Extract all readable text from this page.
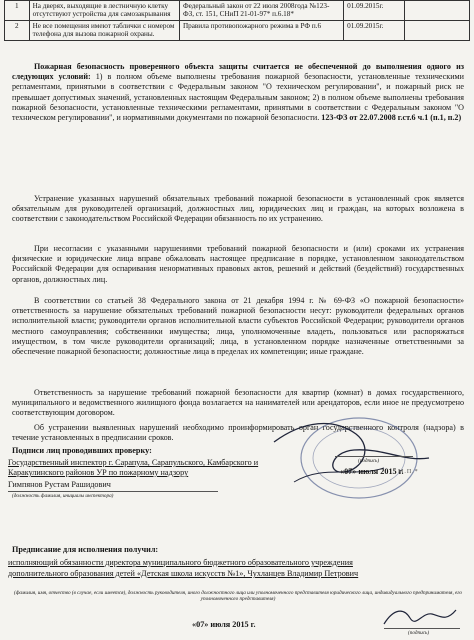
1	На дверях, выходящие в лестничную клетку отсутствуют устройства для самозакрывания	Федеральный закон от 22 июля 2008года №123- ФЗ, ст. 151, СНиП 21-01-97* п.6.18*	01.09.2015г.	
2	Не все помещения имеют таблички с номером телефона для вызова пожарной охраны.	Правила противопожарного режима в РФ п.6	01.09.2015г.	

Пожарная безопасность проверенного объекта защиты считается не обеспеченной до выполнения одного из следующих условий: 1) в полном объеме выполнены требования пожарной безопасности, установленные техническими регламентами, принятыми в соответствии с Федеральным законом "О техническом регулировании", и пожарный риск не превышает допустимых значений, установленных настоящим Федеральным законом; 2) в полном объеме выполнены требования пожарной безопасности, установленные техническими регламентами, принятыми в соответствии с Федеральным законом "О техническом регулировании", и нормативными документами по пожарной безопасности. 123-ФЗ от 22.07.2008 г.ст.6 ч.1 (п.1, п.2)

Устранение указанных нарушений обязательных требований пожарной безопасности в установленный срок является обязательным для руководителей организаций, должностных лиц, юридических лиц и граждан, на которых возложена в соответствии с законодательством Российской Федерации обязанность по их устранению.

При несогласии с указанными нарушениями требований пожарной безопасности и (или) сроками их устранения физические и юридические лица вправе обжаловать настоящее предписание в порядке, установленном законодательством Российской Федерации для оспаривания ненормативных правовых актов, решений и действий (бездействий) государственных органов, должностных лиц.

В соответствии со статьей 38 Федерального закона от 21 декабря 1994 г. № 69-ФЗ «О пожарной безопасности» ответственность за нарушение обязательных требований пожарной безопасности несут: руководители федеральных органов исполнительной власти; руководители органов исполнительной власти субъектов Российской Федерации; руководители органов местного самоуправления; собственники имущества; лица, уполномоченные владеть, пользоваться или распоряжаться имуществом, в том числе руководители организаций; лица, в установленном порядке назначенные ответственными за обеспечение пожарной безопасности; должностные лица в пределах их компетенции; иные граждане.

Ответственность за нарушение требований пожарной безопасности для квартир (комнат) в домах государственного, муниципального и ведомственного жилищного фонда возлагается на нанимателей или арендаторов, если иное не предусмотрено соответствующим договором.

Об устранении выявленных нарушений необходимо проинформировать орган государственного контроля (надзора) в течение установленных в предписании сроков.

Подписи лиц проводивших проверку:
Государственный инспектор г. Сарапула, Сарапульского, Камбарского и Каракулинского районов УР по пожарному надзору
Гимпянов Рустам Рашидович
(должность фамилия, инициалы инспектора)
(подпись)
«07» июля 2015 г.
М.П.*
Предписание для исполнения получил:
исполняющий обязанности директора муниципального бюджетного образовательного учреждения
дополнительного образования детей «Детская школа искусств №1», Чухланцев Владимир Петрович
(фамилия, имя, отчество (в случае, если имеется), должность руководителя, иного должностного лица или уполномоченного представителя юридического лица, индивидуального предпринимателя, его уполномоченного представителя)
«07» июля 2015 г.
(подпись)
